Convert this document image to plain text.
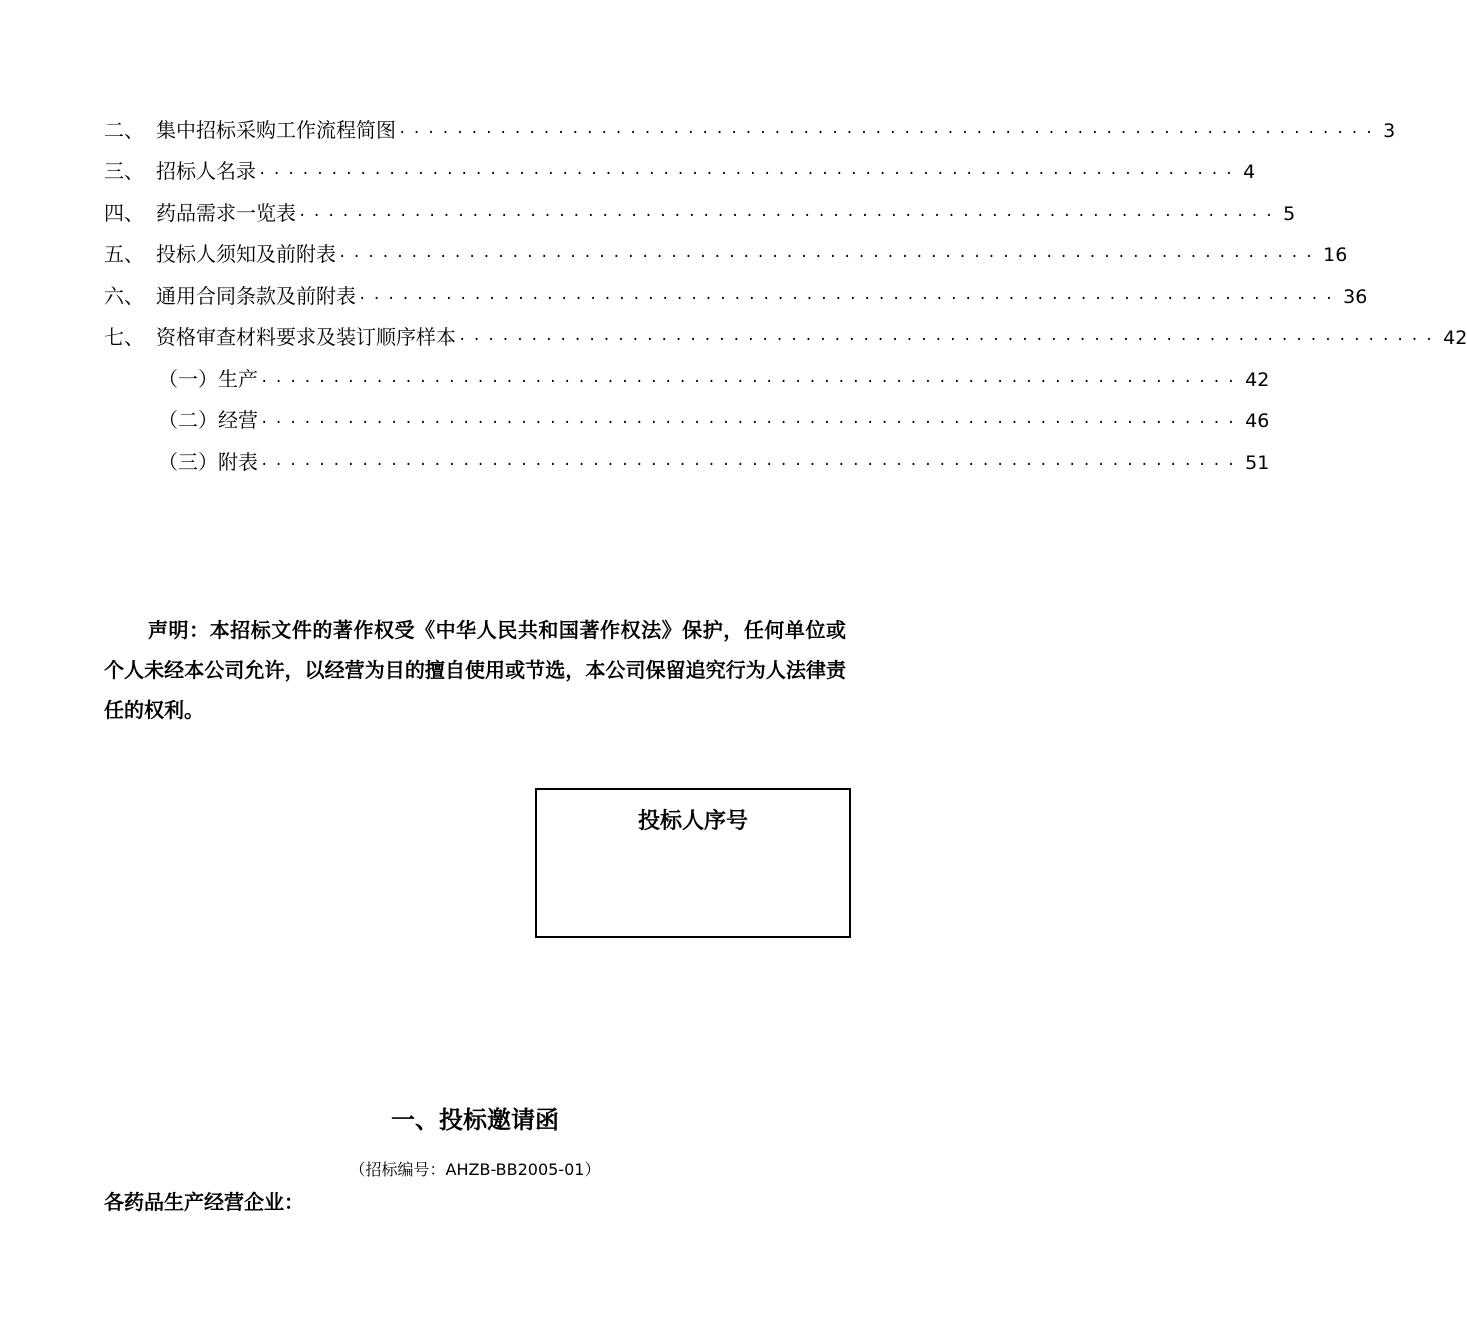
二、 集中招标采购工作流程简图 ···································································· 3
三、 招标人名录 ···································································· 4
四、 药品需求一览表 ···································································· 5
五、 投标人须知及前附表 ···································································· 16
六、 通用合同条款及前附表 ···································································· 36
七、 资格审查材料要求及装订顺序样本 ···································································· 42
（一）生产 ···································································· 42
（二）经营 ···································································· 46
（三）附表 ···································································· 51

声明：本招标文件的著作权受《中华人民共和国著作权法》保护，任何单位或个人未经本公司允许，以经营为目的擅自使用或节选，本公司保留追究行为人法律责任的权利。

投标人序号
一、投标邀请函
（招标编号：AHZB-BB2005-01）
各药品生产经营企业：
